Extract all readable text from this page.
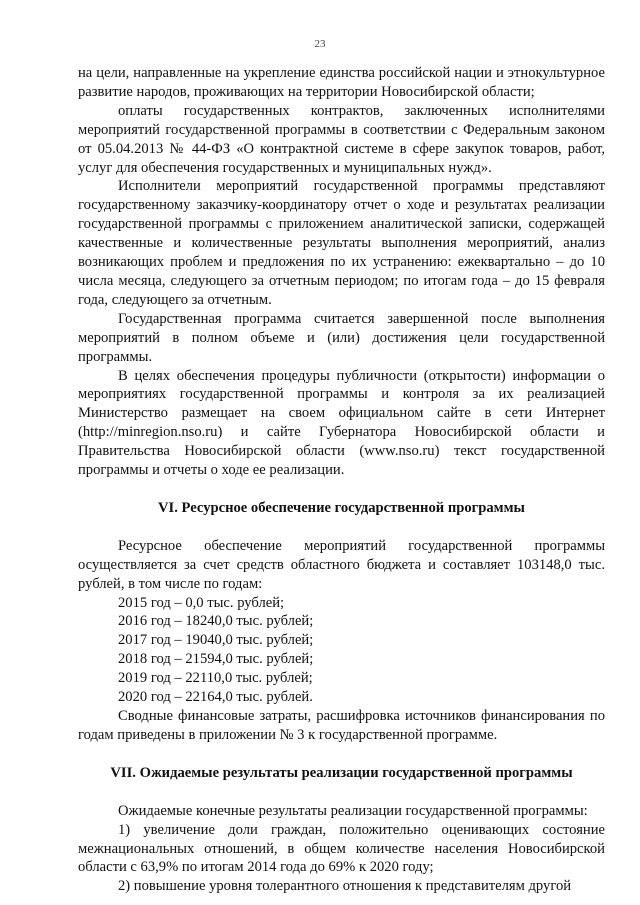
23

на цели, направленные на укрепление единства российской нации и этнокультурное развитие народов, проживающих на территории Новосибирской области;

оплаты государственных контрактов, заключенных исполнителями мероприятий государственной программы в соответствии с Федеральным законом от 05.04.2013 № 44-ФЗ «О контрактной системе в сфере закупок товаров, работ, услуг для обеспечения государственных и муниципальных нужд».

Исполнители мероприятий государственной программы представляют государственному заказчику-координатору отчет о ходе и результатах реализации государственной программы с приложением аналитической записки, содержащей качественные и количественные результаты выполнения мероприятий, анализ возникающих проблем и предложения по их устранению: ежеквартально – до 10 числа месяца, следующего за отчетным периодом; по итогам года – до 15 февраля года, следующего за отчетным.

Государственная программа считается завершенной после выполнения мероприятий в полном объеме и (или) достижения цели государственной программы.

В целях обеспечения процедуры публичности (открытости) информации о мероприятиях государственной программы и контроля за их реализацией Министерство размещает на своем официальном сайте в сети Интернет (http://minregion.nso.ru) и сайте Губернатора Новосибирской области и Правительства Новосибирской области (www.nso.ru) текст государственной программы и отчеты о ходе ее реализации.

VI. Ресурсное обеспечение государственной программы

Ресурсное обеспечение мероприятий государственной программы осуществляется за счет средств областного бюджета и составляет 103148,0 тыс. рублей, в том числе по годам:

2015 год – 0,0 тыс. рублей;

2016 год – 18240,0 тыс. рублей;

2017 год – 19040,0 тыс. рублей;

2018 год – 21594,0 тыс. рублей;

2019 год – 22110,0 тыс. рублей;

2020 год – 22164,0 тыс. рублей.

Сводные финансовые затраты, расшифровка источников финансирования по годам приведены в приложении № 3 к государственной программе.

VII. Ожидаемые результаты реализации государственной программы

Ожидаемые конечные результаты реализации государственной программы:

1) увеличение доли граждан, положительно оценивающих состояние межнациональных отношений, в общем количестве населения Новосибирской области с 63,9% по итогам 2014 года до 69% к 2020 году;

2) повышение уровня толерантного отношения к представителям другой
